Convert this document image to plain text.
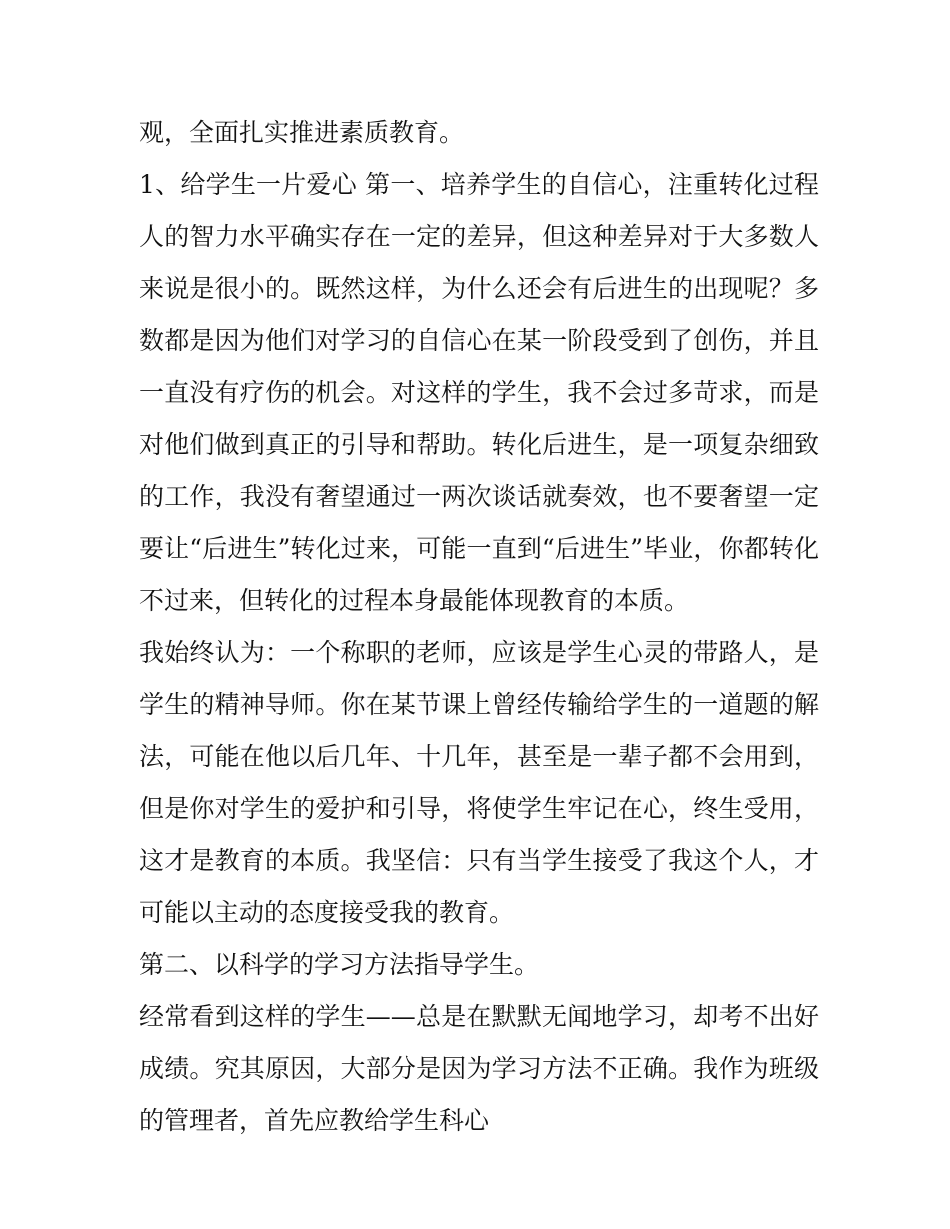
观，全面扎实推进素质教育。
1、给学生一片爱心 第一、培养学生的自信心，注重转化过程
人的智力水平确实存在一定的差异，但这种差异对于大多数人
来说是很小的。既然这样，为什么还会有后进生的出现呢？多
数都是因为他们对学习的自信心在某一阶段受到了创伤，并且
一直没有疗伤的机会。对这样的学生，我不会过多苛求，而是
对他们做到真正的引导和帮助。转化后进生，是一项复杂细致
的工作，我没有奢望通过一两次谈话就奏效，也不要奢望一定
要让“后进生”转化过来，可能一直到“后进生”毕业，你都转化
不过来，但转化的过程本身最能体现教育的本质。
我始终认为：一个称职的老师，应该是学生心灵的带路人，是
学生的精神导师。你在某节课上曾经传输给学生的一道题的解
法，可能在他以后几年、十几年，甚至是一辈子都不会用到，
但是你对学生的爱护和引导，将使学生牢记在心，终生受用，
这才是教育的本质。我坚信：只有当学生接受了我这个人，才
可能以主动的态度接受我的教育。
第二、以科学的学习方法指导学生。
经常看到这样的学生——总是在默默无闻地学习，却考不出好
成绩。究其原因，大部分是因为学习方法不正确。我作为班级
的管理者，首先应教给学生科心
